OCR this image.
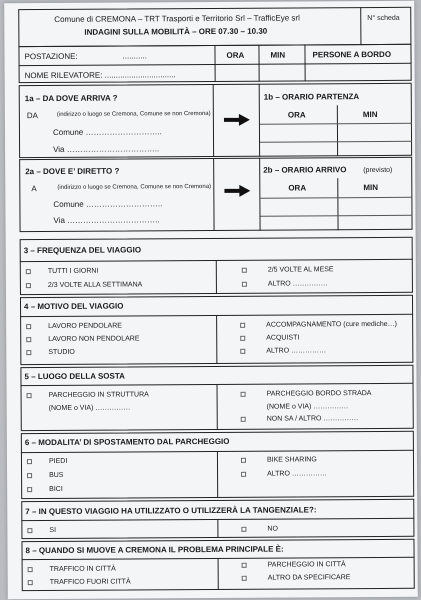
Comune di CREMONA – TRT Trasporti e Territorio Srl – TrafficEye srl
INDAGINI SULLA MOBILITÀ – ORE 07.30 – 10.30
N° scheda
POSTAZIONE:	...........	ORA	MIN	PERSONE A BORDO
NOME RILEVATORE: ................................
1a – DA DOVE ARRIVA ?
DA	(indirizzo o luogo se Cremona, Comune se non Cremona)
Comune ………………………..
Via ……………………………..
1b – ORARIO PARTENZA
ORA	MIN
2a – DOVE E’ DIRETTO ?
A	(indirizzo o luogo se Cremona, Comune se non Cremona)
Comune ………………………..
Via ……………………………..
2b – ORARIO ARRIVO (previsto)
ORA	MIN
3 – FREQUENZA DEL VIAGGIO
TUTTI I GIORNI
2/3 VOLTE ALLA SETTIMANA
2/5 VOLTE AL MESE
ALTRO ……………
4 – MOTIVO DEL VIAGGIO
LAVORO PENDOLARE
LAVORO NON PENDOLARE
STUDIO
ACCOMPAGNAMENTO (cure mediche…)
ACQUISTI
ALTRO ……………
5 – LUOGO DELLA SOSTA
PARCHEGGIO IN STRUTTURA
(NOME o VIA) ……………
PARCHEGGIO BORDO STRADA
(NOME o VIA) ……………
NON SA / ALTRO ……………
6 – MODALITA’ DI SPOSTAMENTO DAL PARCHEGGIO
PIEDI
BUS
BICI
BIKE SHARING
ALTRO ……………
7 – IN QUESTO VIAGGIO HA UTILIZZATO O UTILIZZERÀ LA TANGENZIALE?:
SI	NO
8 – QUANDO SI MUOVE A CREMONA IL PROBLEMA PRINCIPALE È:
TRAFFICO IN CITTÀ
TRAFFICO FUORI CITTÀ
PARCHEGGIO IN CITTÀ
ALTRO DA SPECIFICARE
